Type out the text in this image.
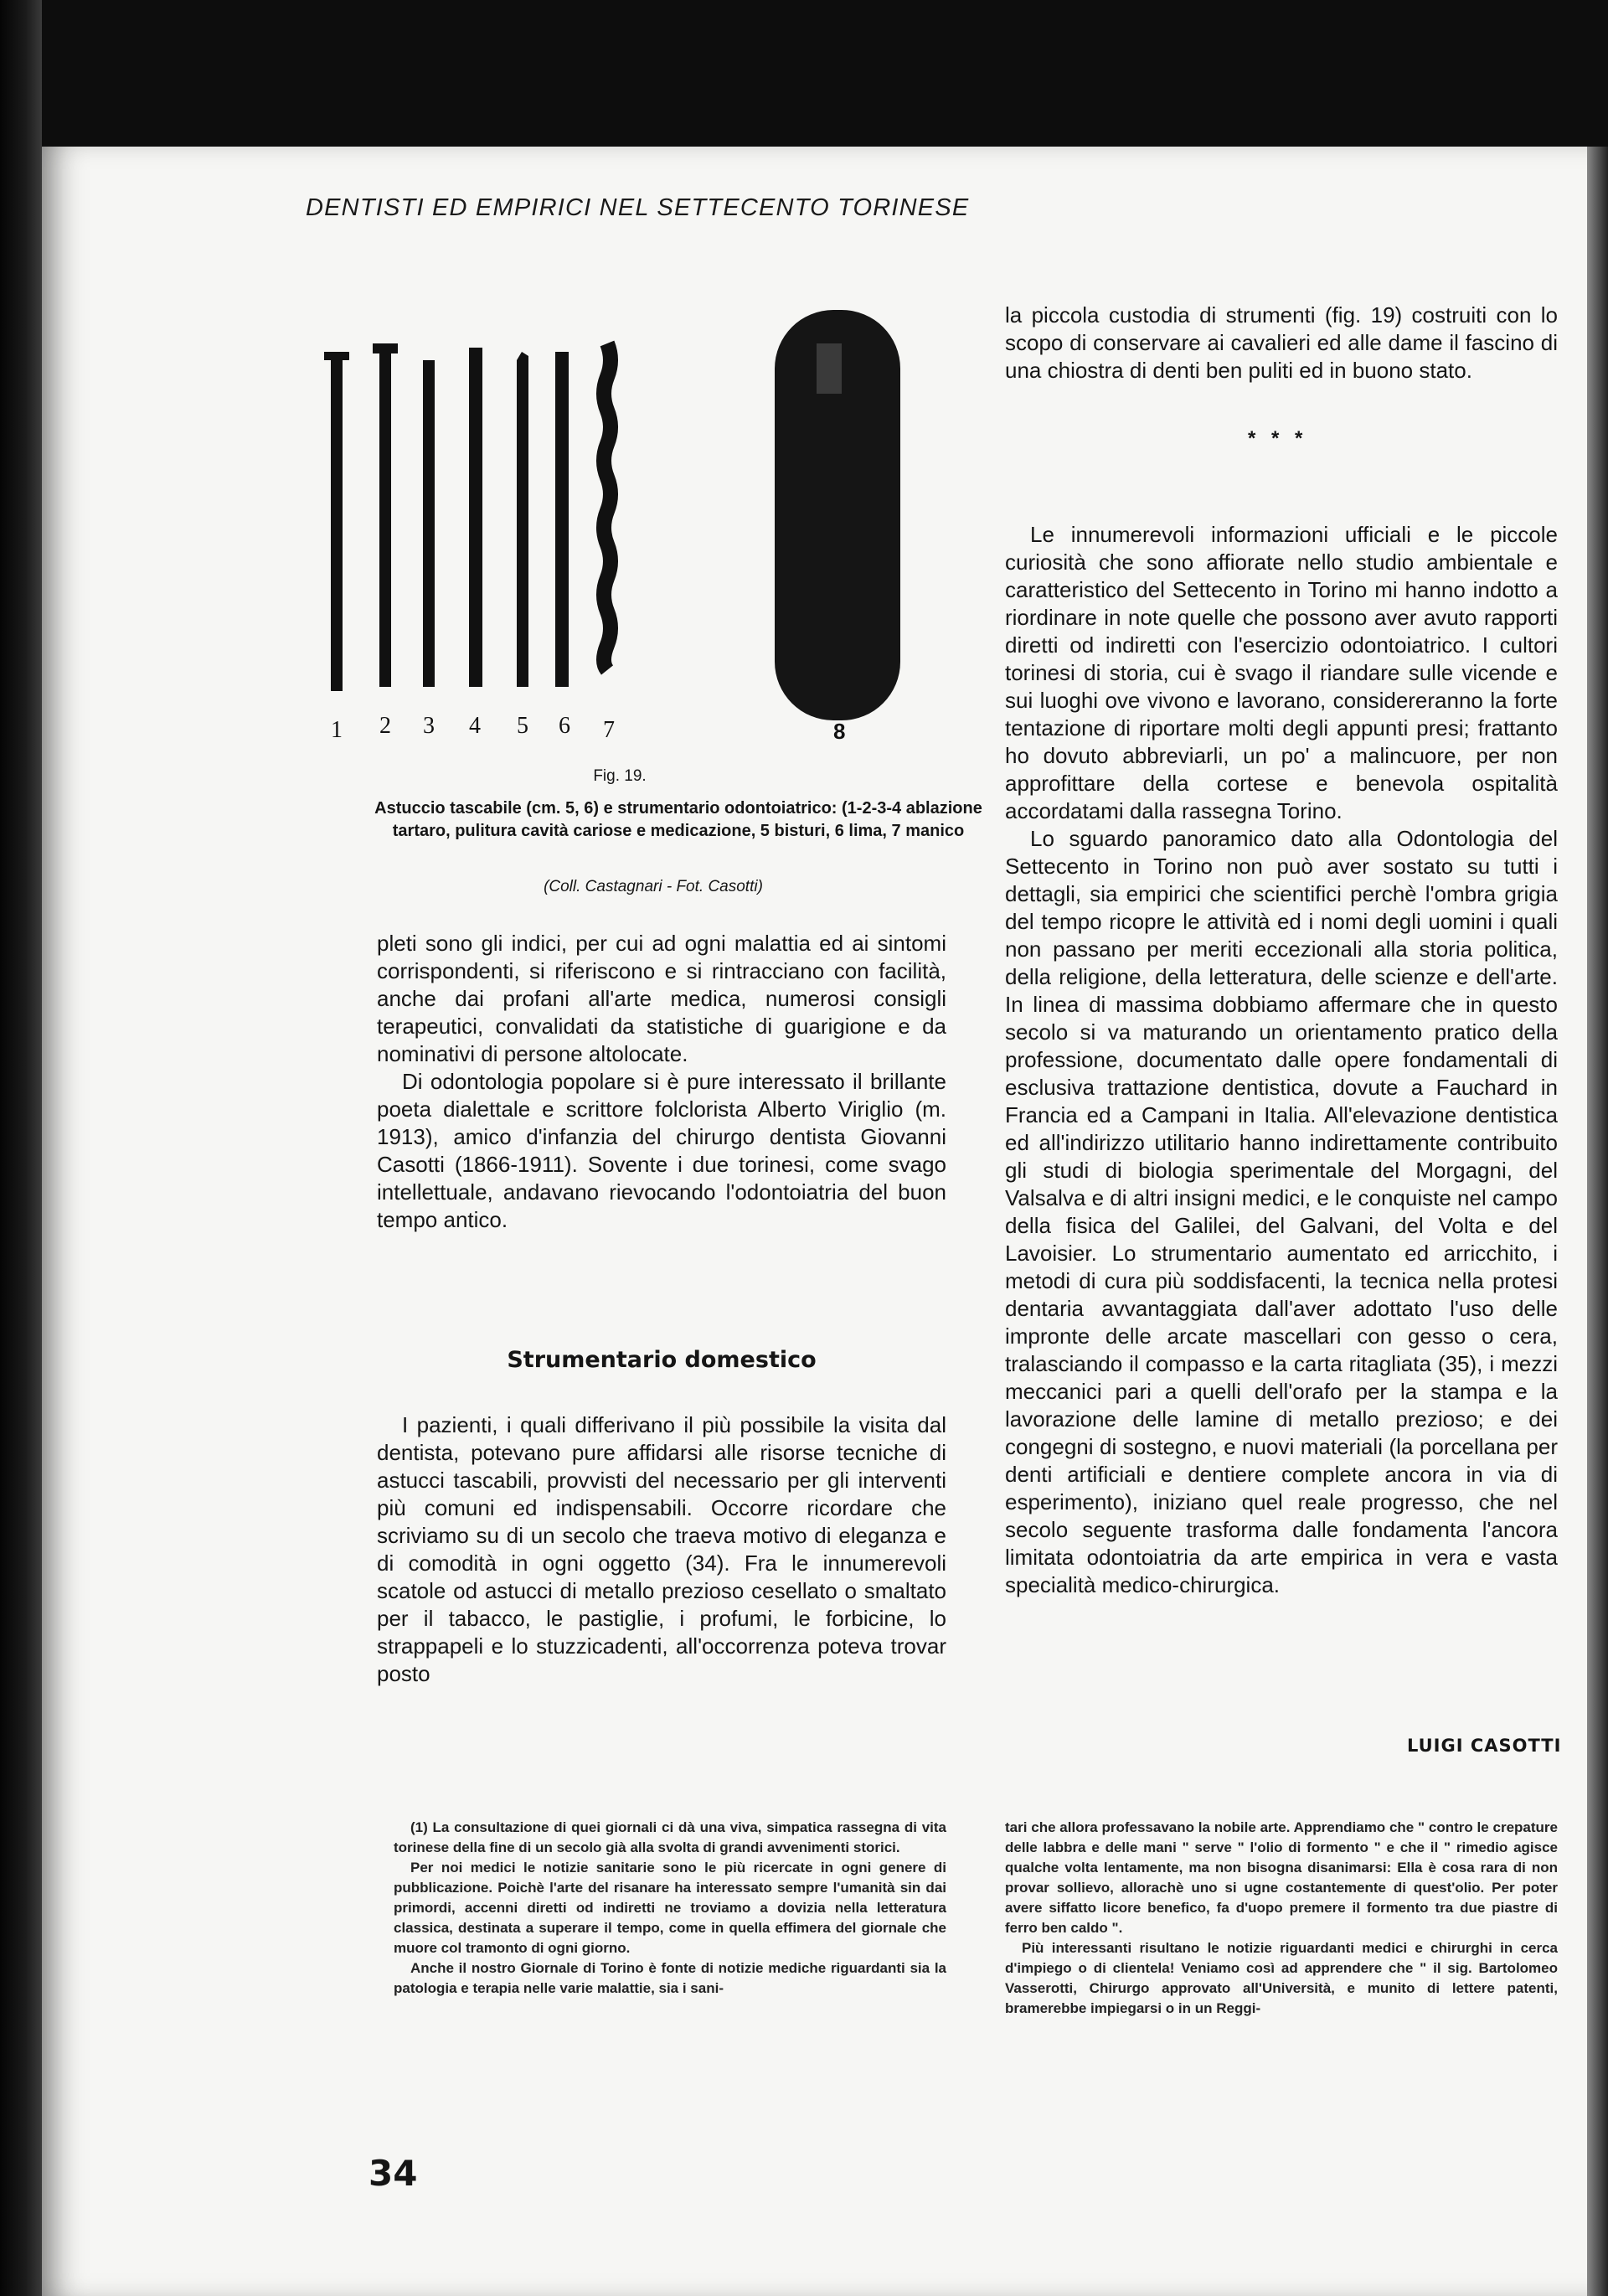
DENTISTI ED EMPIRICI NEL SETTECENTO TORINESE
1 2 3 4 5 6 7	8
Fig. 19.
Astuccio tascabile (cm. 5, 6) e strumentario odontoiatrico: (1-2-3-4 ablazione tartaro, pulitura cavità cariose e medicazione, 5 bisturi, 6 lima, 7 manico
(Coll. Castagnari - Fot. Casotti)

pleti sono gli indici, per cui ad ogni malattia ed ai sintomi corrispondenti, si riferiscono e si rintracciano con facilità, anche dai profani all'arte medica, numerosi consigli terapeutici, convalidati da statistiche di guarigione e da nominativi di persone altolocate.

Di odontologia popolare si è pure interessato il brillante poeta dialettale e scrittore folclorista Alberto Viriglio (m. 1913), amico d'infanzia del chirurgo dentista Giovanni Casotti (1866-1911). Sovente i due torinesi, come svago intellettuale, andavano rievocando l'odontoiatria del buon tempo antico.

Strumentario domestico

I pazienti, i quali differivano il più possibile la visita dal dentista, potevano pure affidarsi alle risorse tecniche di astucci tascabili, provvisti del necessario per gli interventi più comuni ed indispensabili. Occorre ricordare che scriviamo su di un secolo che traeva motivo di eleganza e di comodità in ogni oggetto (34). Fra le innumerevoli scatole od astucci di metallo prezioso cesellato o smaltato per il tabacco, le pastiglie, i profumi, le forbicine, lo strappapeli e lo stuzzicadenti, all'occorrenza poteva trovar posto

la piccola custodia di strumenti (fig. 19) costruiti con lo scopo di conservare ai cavalieri ed alle dame il fascino di una chiostra di denti ben puliti ed in buono stato.

* * *

Le innumerevoli informazioni ufficiali e le piccole curiosità che sono affiorate nello studio ambientale e caratteristico del Settecento in Torino mi hanno indotto a riordinare in note quelle che possono aver avuto rapporti diretti od indiretti con l'esercizio odontoiatrico. I cultori torinesi di storia, cui è svago il riandare sulle vicende e sui luoghi ove vivono e lavorano, considereranno la forte tentazione di riportare molti degli appunti presi; frattanto ho dovuto abbreviarli, un po' a malincuore, per non approfittare della cortese e benevola ospitalità accordatami dalla rassegna Torino.

Lo sguardo panoramico dato alla Odontologia del Settecento in Torino non può aver sostato su tutti i dettagli, sia empirici che scientifici perchè l'ombra grigia del tempo ricopre le attività ed i nomi degli uomini i quali non passano per meriti eccezionali alla storia politica, della religione, della letteratura, delle scienze e dell'arte. In linea di massima dobbiamo affermare che in questo secolo si va maturando un orientamento pratico della professione, documentato dalle opere fondamentali di esclusiva trattazione dentistica, dovute a Fauchard in Francia ed a Campani in Italia. All'elevazione dentistica ed all'indirizzo utilitario hanno indirettamente contribuito gli studi di biologia sperimentale del Morgagni, del Valsalva e di altri insigni medici, e le conquiste nel campo della fisica del Galilei, del Galvani, del Volta e del Lavoisier. Lo strumentario aumentato ed arricchito, i metodi di cura più soddisfacenti, la tecnica nella protesi dentaria avvantaggiata dall'aver adottato l'uso delle impronte delle arcate mascellari con gesso o cera, tralasciando il compasso e la carta ritagliata (35), i mezzi meccanici pari a quelli dell'orafo per la stampa e la lavorazione delle lamine di metallo prezioso; e dei congegni di sostegno, e nuovi materiali (la porcellana per denti artificiali e dentiere complete ancora in via di esperimento), iniziano quel reale progresso, che nel secolo seguente trasforma dalle fondamenta l'ancora limitata odontoiatria da arte empirica in vera e vasta specialità medico-chirurgica.

LUIGI CASOTTI

(1) La consultazione di quei giornali ci dà una viva, simpatica rassegna di vita torinese della fine di un secolo già alla svolta di grandi avvenimenti storici.

Per noi medici le notizie sanitarie sono le più ricercate in ogni genere di pubblicazione. Poichè l'arte del risanare ha interessato sempre l'umanità sin dai primordi, accenni diretti od indiretti ne troviamo a dovizia nella letteratura classica, destinata a superare il tempo, come in quella effimera del giornale che muore col tramonto di ogni giorno.

Anche il nostro Giornale di Torino è fonte di notizie mediche riguardanti sia la patologia e terapia nelle varie malattie, sia i sani-

tari che allora professavano la nobile arte. Apprendiamo che " contro le crepature delle labbra e delle mani " serve " l'olio di formento " e che il " rimedio agisce qualche volta lentamente, ma non bisogna disanimarsi: Ella è cosa rara di non provar sollievo, allorachè uno si ugne costantemente di quest'olio. Per poter avere siffatto licore benefico, fa d'uopo premere il formento tra due piastre di ferro ben caldo ".

Più interessanti risultano le notizie riguardanti medici e chirurghi in cerca d'impiego o di clientela! Veniamo così ad apprendere che " il sig. Bartolomeo Vasserotti, Chirurgo approvato all'Università, e munito di lettere patenti, bramerebbe impiegarsi o in un Reggi-

34
